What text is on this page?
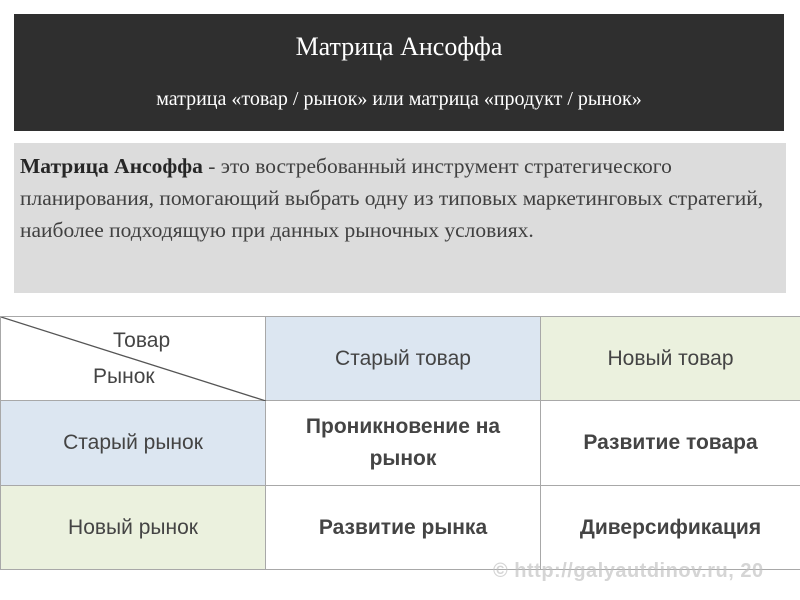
Матрица Ансоффа
матрица «товар / рынок» или матрица «продукт / рынок»
Матрица Ансоффа - это востребованный инструмент стратегического планирования, помогающий выбрать одну из типовых маркетинговых стратегий, наиболее подходящую при данных рыночных условиях.
Товар
Рынок	Старый товар	Новый товар
Старый рынок	Проникновение на рынок	Развитие товара
Новый рынок	Развитие рынка	Диверсификация
© http://galyautdinov.ru, 20
